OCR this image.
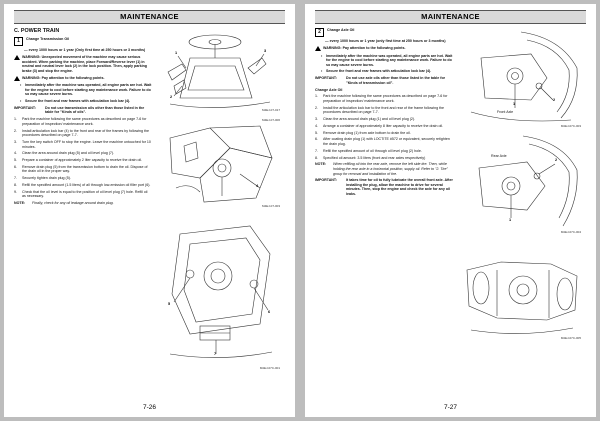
MAINTENANCE
C. POWER TRAIN

1 Change Transmission Oil

— every 1000 hours or 1 year (Only first time at 250 hours or 3 months)

WARNING: Unexpected movement of the machine may cause serious accident. When parking the machine, place Forward/Reverse lever (1) in neutral and neutral lever lock (2) in the lock position. Then, apply parking brake (3) and stop the engine.
WARNING: Pay attention to the following points.
•	Immediately after the machine was operated, all engine parts are hot. Wait for the engine to cool before starting any maintenance work. Failure to do so may cause severe burns.
•	Secure the front and rear frames with articulation lock bar (4).
IMPORTANT:	Do not use transmission oils other than those listed in the table for "Kinds of oils".
1.	Park the machine following the same procedures as described on page 7-6 for preparation of inspection/ maintenance work.
2.	Install articulation lock bar (4) to the front and rear of the frames by following the procedures described on page 7-7.
3.	Turn the key switch OFF to stop the engine. Leave the machine untouched for 10 minutes.
4.	Clean the area around drain plug (5) and oil level plug (7).
5.	Prepare a container of approximately 2 liter capacity to receive the drain oil.
6.	Remove drain plug (5) from the transmission bottom to drain the oil. Dispose of the drain oil in the proper way.
7.	Securely tighten drain plug (5).
8.	Refill the specified amount (1.5 liters) of all through low-emission oil filler port (6).
9.	Check that the oil level is equal to the position of oil level plug (7) hole. Refill oil as necessary.
NOTE:	Finally, check for any oil leakage around drain plug.
1
2
3
M4EJ-07-017
4
M4EJ-07-006
M4EJ-07-003
5
6
7
M4EJ-07C-001
7-26
MAINTENANCE

2 Change Axle Oil

— every 1000 hours or 1 year (only first time at 250 hours or 3 months)

WARNING: Pay attention to the following points.
•	Immediately after the machine was operated, all engine parts are hot. Wait for the engine to cool before starting any maintenance work. Failure to do so may cause severe burns.
•	Secure the front and rear frames with articulation lock bar (4).
IMPORTANT:	Do not use axle oils other than those listed in the table for "Kinds of transmission oil".

Change Axle Oil

1.	Park the machine following the same procedures as described on page 7-6 for preparation of inspection/ maintenance work.
2.	Install the articulation lock bar to the front and rear of the frame following the procedures described on page 7-7.
3.	Clean the area around drain plug (1) and oil level plug (2).
4.	Arrange a container of approximately 8 liter capacity to receive the drain oil.
5.	Remove drain plug (1) from axle bottom to drain the oil.
6.	After coating drain plug (1) with LOCTITE #572 or equivalent, securely retighten the drain plug.
7.	Refill the specified amount of oil through oil level plug (2) hole.
8.	Specified oil amount: 3.5 liters (front and rear axles respectively)
NOTE:	When refilling oil into the rear axle, remove the left side tire. Then, while holding the rear axle in a horizontal position, supply oil. Refer to "2. Tire" group for removal and installation of tire.
IMPORTANT:	It takes time for oil to fully lubricate the overall front axle. After installing the plug, allow the machine to drive for several minutes. Then, stop the engine and check the axle for any oil leaks.
Front Axle
1
2
M4EJ-07C-003
Rear Axle
1
2
M4EJ-07C-004
M4EJ-07C-005
7-27
